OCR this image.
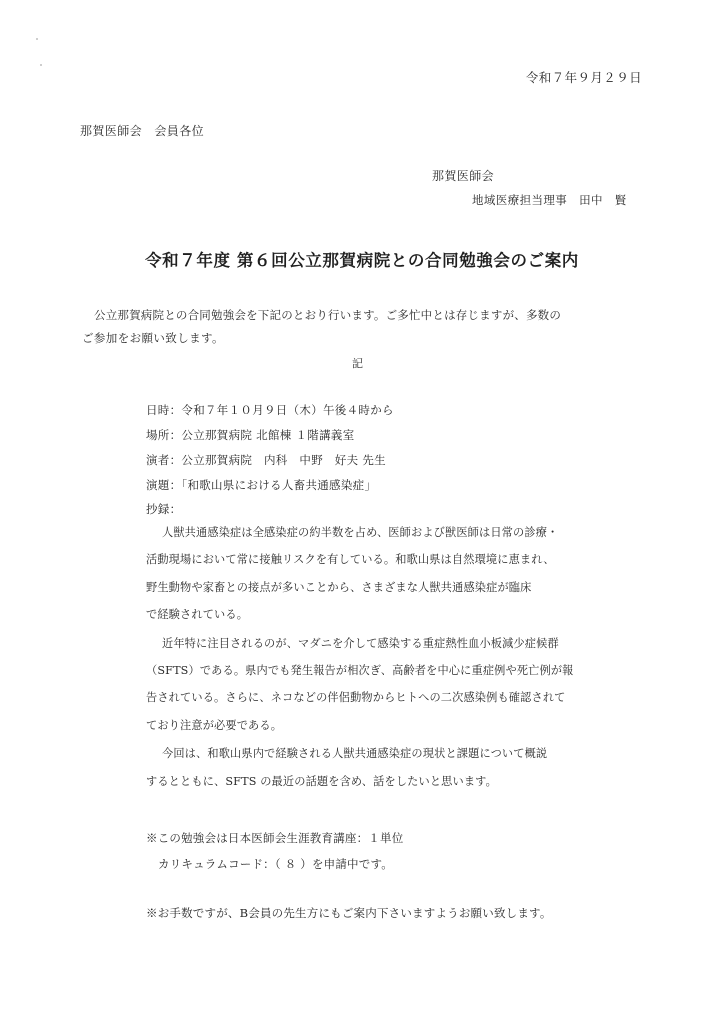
令和７年９月２９日
那賀医師会　会員各位
那賀医師会
地域医療担当理事　田中　賢
令和７年度 第６回公立那賀病院との合同勉強会のご案内
公立那賀病院との合同勉強会を下記のとおり行います。ご多忙中とは存じますが、多数の
ご参加をお願い致します。
記
日時：令和７年１０月９日（木）午後４時から
場所：公立那賀病院 北館棟 １階講義室
演者：公立那賀病院　内科　中野　好夫 先生
演題：「和歌山県における人畜共通感染症」
抄録：
人獣共通感染症は全感染症の約半数を占め、医師および獣医師は日常の診療・
活動現場において常に接触リスクを有している。和歌山県は自然環境に恵まれ、
野生動物や家畜との接点が多いことから、さまざまな人獣共通感染症が臨床
で経験されている。
近年特に注目されるのが、マダニを介して感染する重症熱性血小板減少症候群
（SFTS）である。県内でも発生報告が相次ぎ、高齢者を中心に重症例や死亡例が報
告されている。さらに、ネコなどの伴侶動物からヒトへの二次感染例も確認されて
ており注意が必要である。
今回は、和歌山県内で経験される人獣共通感染症の現状と課題について概説
するとともに、SFTS の最近の話題を含め、話をしたいと思います。
※この勉強会は日本医師会生涯教育講座：１単位
カリキュラムコード：（ ８ ）を申請中です。
※お手数ですが、B会員の先生方にもご案内下さいますようお願い致します。
